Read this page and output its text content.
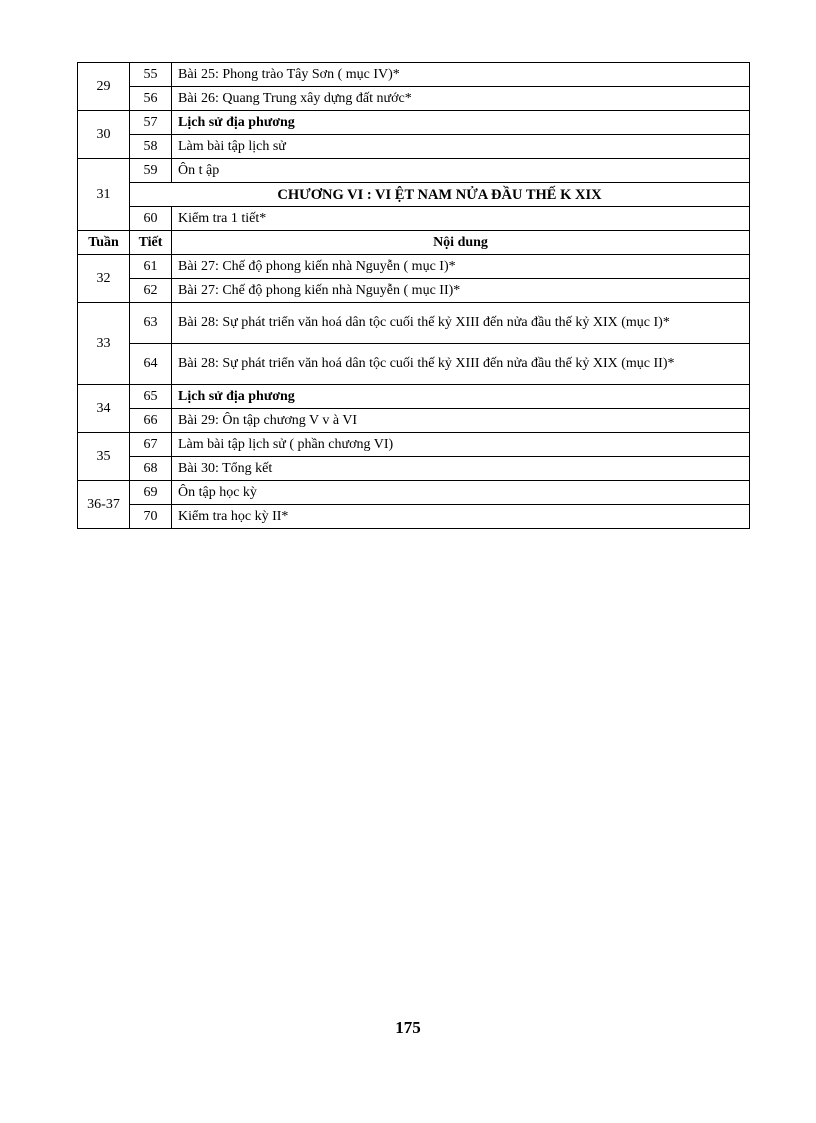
29	55	Bài 25: Phong trào Tây Sơn ( mục IV)*
	56	Bài 26: Quang Trung xây dựng đất nước*
30	57	Lịch sử địa phương
	58	Làm bài tập lịch sử
31	59	Ôn t ập
	CHƯƠNG VI : VI ỆT NAM NỬA ĐẦU THẾ K XIX	
	60	Kiểm tra 1 tiết*
Tuần	Tiết	Nội dung
32	61	Bài 27: Chế độ phong kiến nhà Nguyễn ( mục I)*
	62	Bài 27: Chế độ phong kiến nhà Nguyễn ( mục II)*
33	63	Bài 28: Sự phát triển văn hoá dân tộc cuối thế kỷ XIII đến nửa đầu thế kỷ XIX (mục I)*
	64	Bài 28: Sự phát triển văn hoá dân tộc cuối thế kỷ XIII đến nửa đầu thế kỷ XIX (mục II)*
34	65	Lịch sử địa phương
	66	Bài 29: Ôn tập chương V v à VI
35	67	Làm bài tập lịch sử ( phần chương VI)
	68	Bài 30: Tổng kết
36-37	69	Ôn tập học kỳ
	70	Kiểm tra học kỳ II*
175
